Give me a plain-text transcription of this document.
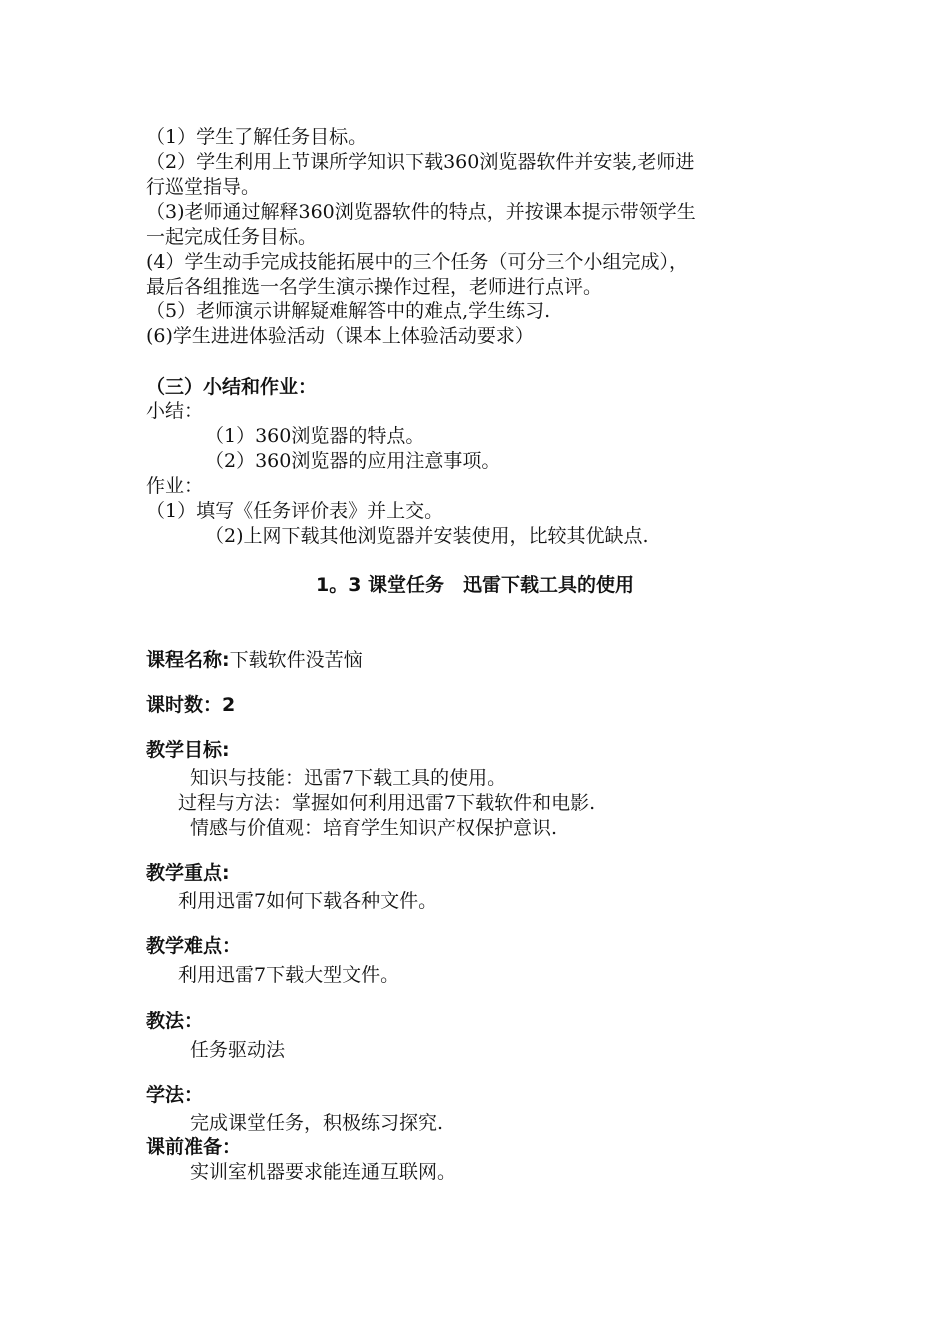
（1）学生了解任务目标。
（2）学生利用上节课所学知识下载360浏览器软件并安装,老师进
行巡堂指导。
（3)老师通过解释360浏览器软件的特点，并按课本提示带领学生
一起完成任务目标。
(4）学生动手完成技能拓展中的三个任务（可分三个小组完成），
最后各组推选一名学生演示操作过程，老师进行点评。
（5）老师演示讲解疑难解答中的难点,学生练习.
(6)学生进进体验活动（课本上体验活动要求）
（三）小结和作业：
小结：
（1）360浏览器的特点。
（2）360浏览器的应用注意事项。
作业：
（1）填写《任务评价表》并上交。
（2)上网下载其他浏览器并安装使用，比较其优缺点.
1。3 课堂任务　迅雷下载工具的使用
课程名称:下载软件没苦恼
课时数：2
教学目标:
知识与技能：迅雷7下载工具的使用。
过程与方法：掌握如何利用迅雷7下载软件和电影.
情感与价值观：培育学生知识产权保护意识.
教学重点:
利用迅雷7如何下载各种文件。
教学难点：
利用迅雷7下载大型文件。
教法：
任务驱动法
学法：
完成课堂任务，积极练习探究.
课前准备：
实训室机器要求能连通互联网。
